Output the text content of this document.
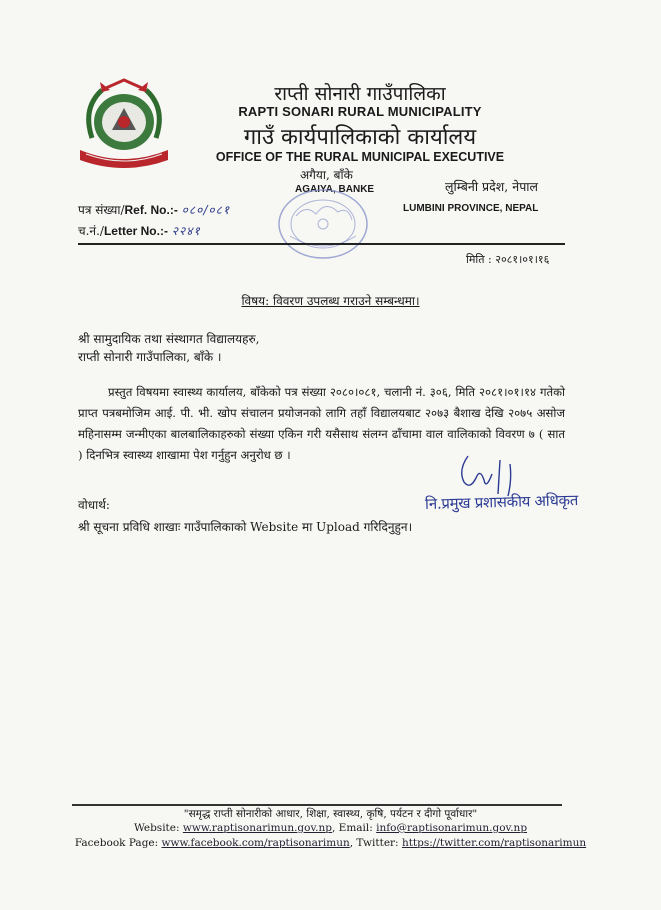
राप्ती सोनारी गाउँपालिका
RAPTI SONARI RURAL MUNICIPALITY
गाउँ कार्यपालिकाको कार्यालय
OFFICE OF THE RURAL MUNICIPAL EXECUTIVE
अगैया, बाँके
AGAIYA, BANKE	लुम्बिनी प्रदेश, नेपाल
LUMBINI PROVINCE, NEPAL
पत्र संख्या/Ref. No.:- ०८०/०८१
च.नं./Letter No.:- २२४१
मिति : २०८१।०१।१६
विषय: विवरण उपलब्ध गराउने सम्बन्धमा।
श्री सामुदायिक तथा संस्थागत विद्यालयहरु,
राप्ती सोनारी गाउँपालिका, बाँके ।
प्रस्तुत विषयमा स्वास्थ्य कार्यालय, बाँकेको पत्र संख्या २०८०।०८१, चलानी नं. ३०६, मिति २०८१।०१।१४ गतेको प्राप्त पत्रबमोजिम आई. पी. भी. खोप संचालन प्रयोजनको लागि तहाँ विद्यालयबाट २०७३ बैशाख देखि २०७५ असोज महिनासम्म जन्मीएका बालबालिकाहरुको संख्या एकिन गरी यसैसाथ संलग्न ढाँचामा वाल वालिकाको विवरण ७ ( सात ) दिनभित्र स्वास्थ्य शाखामा पेश गर्नुहुन अनुरोध छ ।
नि.प्रमुख प्रशासकीय अधिकृत
वोधार्थ:
श्री सूचना प्रविधि शाखाः गाउँपालिकाको Website मा Upload गरिदिनुहुन।
"समृद्ध राप्ती सोनारीको आधार, शिक्षा, स्वास्थ्य, कृषि, पर्यटन र दीगो पूर्वाधार"
Website: www.raptisonarimun.gov.np, Email: info@raptisonarimun.gov.np
Facebook Page: www.facebook.com/raptisonarimun, Twitter: https://twitter.com/raptisonarimun
